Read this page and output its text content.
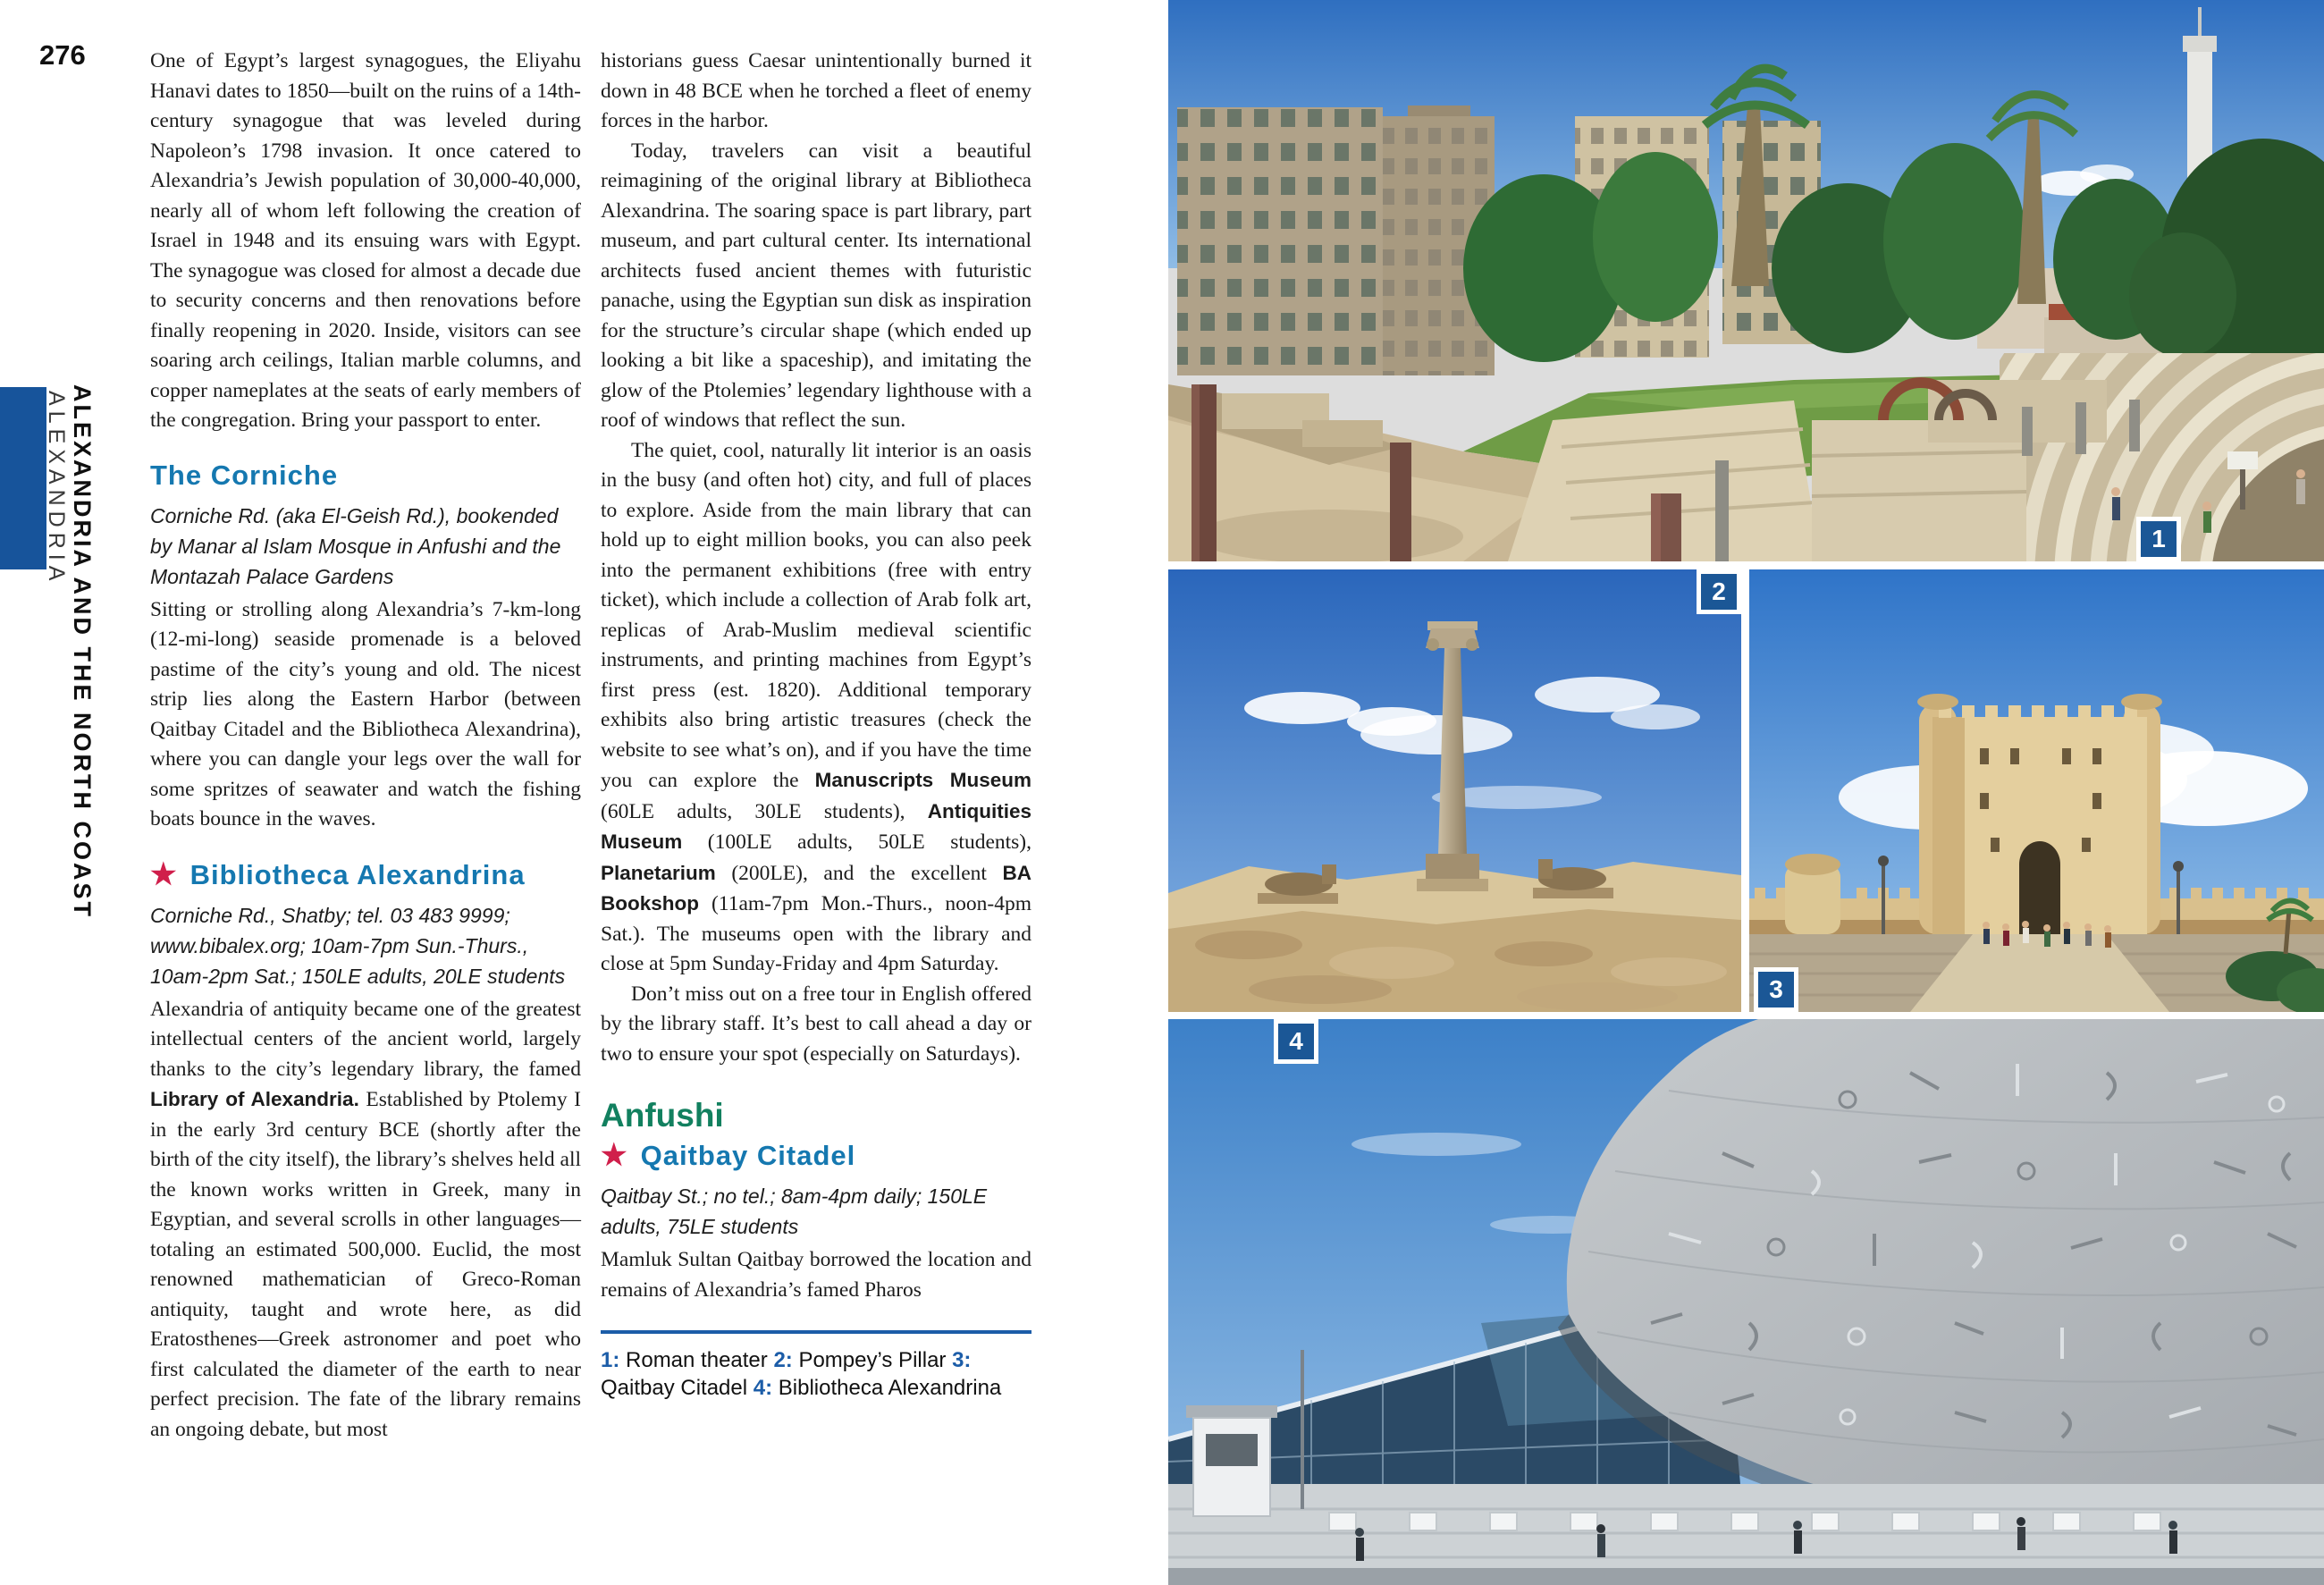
276
ALEXANDRIA AND THE NORTH COAST
ALEXANDRIA

One of Egypt’s largest synagogues, the Eliyahu Hanavi dates to 1850—built on the ruins of a 14th-century synagogue that was leveled during Napoleon’s 1798 invasion. It once catered to Alexandria’s Jewish population of 30,000-40,000, nearly all of whom left following the creation of Israel in 1948 and its ensuing wars with Egypt. The synagogue was closed for almost a decade due to security concerns and then renovations before finally reopening in 2020. Inside, visitors can see soaring arch ceilings, Italian marble columns, and copper nameplates at the seats of early members of the congregation. Bring your passport to enter.

The Corniche

Corniche Rd. (aka El-Geish Rd.), bookended by Manar al Islam Mosque in Anfushi and the Montazah Palace Gardens

Sitting or strolling along Alexandria’s 7-km-long (12-mi-long) seaside promenade is a beloved pastime of the city’s young and old. The nicest strip lies along the Eastern Harbor (between Qaitbay Citadel and the Bibliotheca Alexandrina), where you can dangle your legs over the wall for some spritzes of seawater and watch the fishing boats bounce in the waves.

★ Bibliotheca Alexandrina

Corniche Rd., Shatby; tel. 03 483 9999; www.bibalex.org; 10am-7pm Sun.-Thurs., 10am-2pm Sat.; 150LE adults, 20LE students

Alexandria of antiquity became one of the greatest intellectual centers of the ancient world, largely thanks to the city’s legendary library, the famed Library of Alexandria. Established by Ptolemy I in the early 3rd century BCE (shortly after the birth of the city itself), the library’s shelves held all the known works written in Greek, many in Egyptian, and several scrolls in other languages—totaling an estimated 500,000. Euclid, the most renowned mathematician of Greco-Roman antiquity, taught and wrote here, as did Eratosthenes—Greek astronomer and poet who first calculated the diameter of the earth to near perfect precision. The fate of the library remains an ongoing debate, but most

historians guess Caesar unintentionally burned it down in 48 BCE when he torched a fleet of enemy forces in the harbor.

Today, travelers can visit a beautiful reimagining of the original library at Bibliotheca Alexandrina. The soaring space is part library, part museum, and part cultural center. Its international architects fused ancient themes with futuristic panache, using the Egyptian sun disk as inspiration for the structure’s circular shape (which ended up looking a bit like a spaceship), and imitating the glow of the Ptolemies’ legendary lighthouse with a roof of windows that reflect the sun.

The quiet, cool, naturally lit interior is an oasis in the busy (and often hot) city, and full of places to explore. Aside from the main library that can hold up to eight million books, you can also peek into the permanent exhibitions (free with entry ticket), which include a collection of Arab folk art, replicas of Arab-Muslim medieval scientific instruments, and printing machines from Egypt’s first press (est. 1820). Additional temporary exhibits also bring artistic treasures (check the website to see what’s on), and if you have the time you can explore the Manuscripts Museum (60LE adults, 30LE students), Antiquities Museum (100LE adults, 50LE students), Planetarium (200LE), and the excellent BA Bookshop (11am-7pm Mon.-Thurs., noon-4pm Sat.). The museums open with the library and close at 5pm Sunday-Friday and 4pm Saturday.

Don’t miss out on a free tour in English offered by the library staff. It’s best to call ahead a day or two to ensure your spot (especially on Saturdays).

Anfushi
★ Qaitbay Citadel

Qaitbay St.; no tel.; 8am-4pm daily; 150LE adults, 75LE students

Mamluk Sultan Qaitbay borrowed the location and remains of Alexandria’s famed Pharos

1: Roman theater 2: Pompey’s Pillar 3: Qaitbay Citadel 4: Bibliotheca Alexandrina
1
2
3
4
